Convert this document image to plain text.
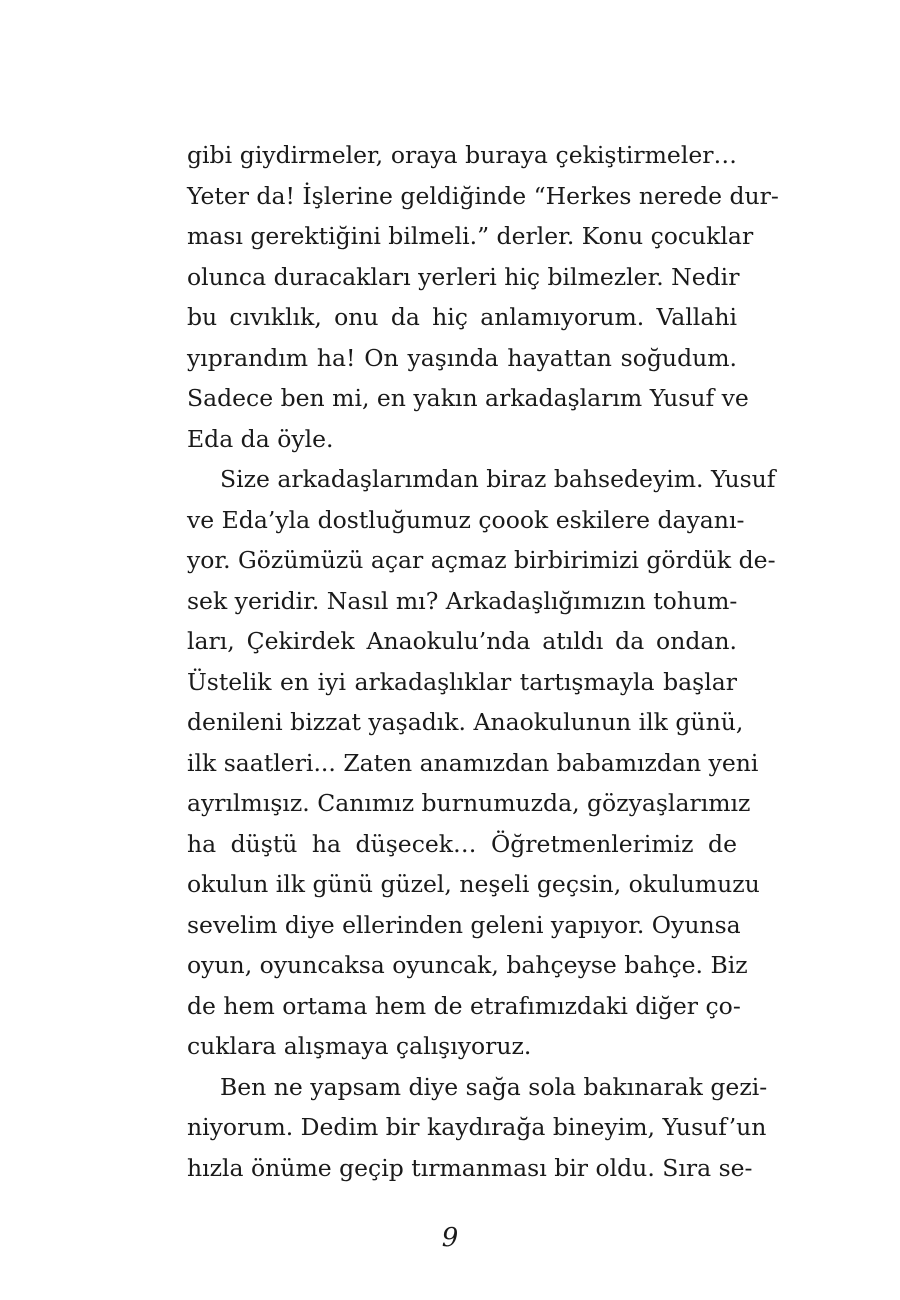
gibi giydirmeler, oraya buraya çekiştirmeler…
Yeter da! İşlerine geldiğinde “Herkes nerede dur-
ması gerektiğini bilmeli.” derler. Konu çocuklar
olunca duracakları yerleri hiç bilmezler. Nedir
bu cıvıklık, onu da hiç anlamıyorum. Vallahi
yıprandım ha! On yaşında hayattan soğudum.
Sadece ben mi, en yakın arkadaşlarım Yusuf ve
Eda da öyle.
Size arkadaşlarımdan biraz bahsedeyim. Yusuf
ve Eda’yla dostluğumuz çoook eskilere dayanı-
yor. Gözümüzü açar açmaz birbirimizi gördük de-
sek yeridir. Nasıl mı? Arkadaşlığımızın tohum-
ları, Çekirdek Anaokulu’nda atıldı da ondan.
Üstelik en iyi arkadaşlıklar tartışmayla başlar
denileni bizzat yaşadık. Anaokulunun ilk günü,
ilk saatleri... Zaten anamızdan babamızdan yeni
ayrılmışız. Canımız burnumuzda, gözyaşlarımız
ha düştü ha düşecek… Öğretmenlerimiz de
okulun ilk günü güzel, neşeli geçsin, okulumuzu
sevelim diye ellerinden geleni yapıyor. Oyunsa
oyun, oyuncaksa oyuncak, bahçeyse bahçe. Biz
de hem ortama hem de etrafımızdaki diğer ço-
cuklara alışmaya çalışıyoruz.
Ben ne yapsam diye sağa sola bakınarak gezi-
niyorum. Dedim bir kaydırağa bineyim, Yusuf’un
hızla önüme geçip tırmanması bir oldu. Sıra se-
9
